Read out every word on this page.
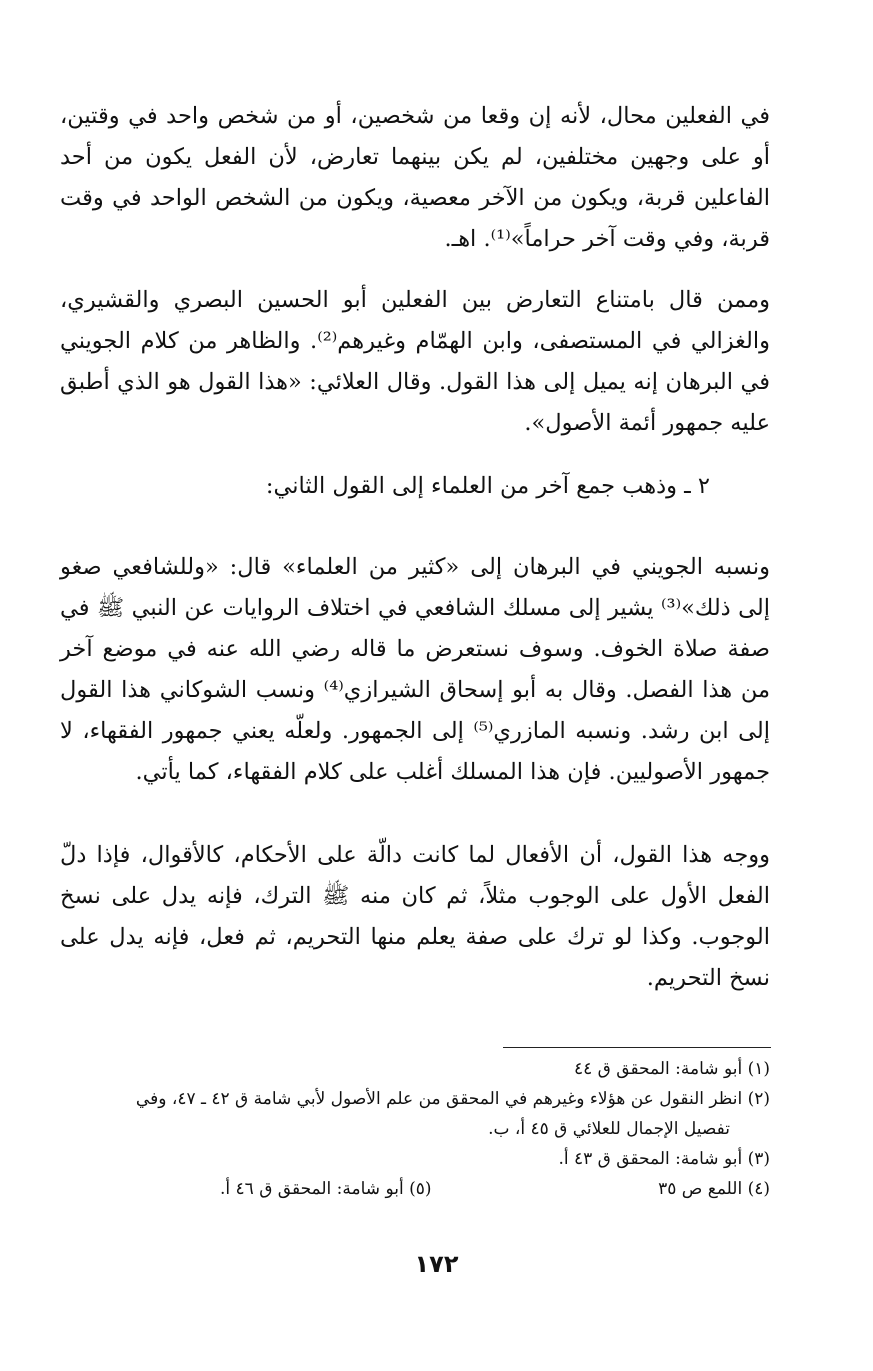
في الفعلين محال، لأنه إن وقعا من شخصين، أو من شخص واحد في وقتين، أو على وجهين مختلفين، لم يكن بينهما تعارض، لأن الفعل يكون من أحد الفاعلين قربة، ويكون من الآخر معصية، ويكون من الشخص الواحد في وقت قربة، وفي وقت آخر حراماً»⁽¹⁾. اهـ.

وممن قال بامتناع التعارض بين الفعلين أبو الحسين البصري والقشيري، والغزالي في المستصفى، وابن الهمّام وغيرهم⁽²⁾. والظاهر من كلام الجويني في البرهان إنه يميل إلى هذا القول. وقال العلائي: «هذا القول هو الذي أطبق عليه جمهور أئمة الأصول».

٢ ـ وذهب جمع آخر من العلماء إلى القول الثاني:

ونسبه الجويني في البرهان إلى «كثير من العلماء» قال: «وللشافعي صغو إلى ذلك»⁽³⁾ يشير إلى مسلك الشافعي في اختلاف الروايات عن النبي ﷺ في صفة صلاة الخوف. وسوف نستعرض ما قاله رضي الله عنه في موضع آخر من هذا الفصل. وقال به أبو إسحاق الشيرازي⁽⁴⁾ ونسب الشوكاني هذا القول إلى ابن رشد. ونسبه المازري⁽⁵⁾ إلى الجمهور. ولعلّه يعني جمهور الفقهاء، لا جمهور الأصوليين. فإن هذا المسلك أغلب على كلام الفقهاء، كما يأتي.

ووجه هذا القول، أن الأفعال لما كانت دالّة على الأحكام، كالأقوال، فإذا دلّ الفعل الأول على الوجوب مثلاً، ثم كان منه ﷺ الترك، فإنه يدل على نسخ الوجوب. وكذا لو ترك على صفة يعلم منها التحريم، ثم فعل، فإنه يدل على نسخ التحريم.

(١) أبو شامة: المحقق ق ٤٤

(٢) انظر النقول عن هؤلاء وغيرهم في المحقق من علم الأصول لأبي شامة ق ٤٢ ـ ٤٧، وفي

تفصيل الإجمال للعلائي ق ٤٥ أ، ب.

(٣) أبو شامة: المحقق ق ٤٣ أ.

(٤) اللمع ص ٣٥
(٥) أبو شامة: المحقق ق ٤٦ أ.
١٧٢
